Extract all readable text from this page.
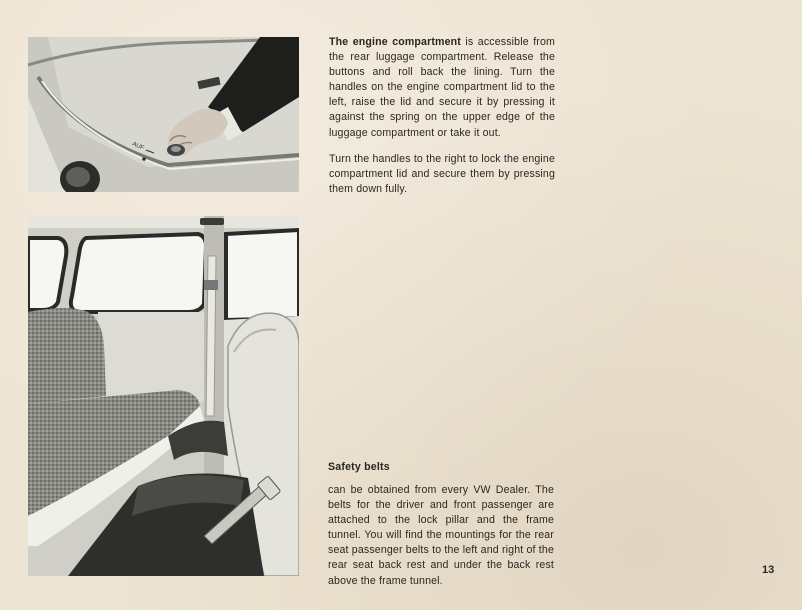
AUF

The engine compartment is accessible from the rear luggage compartment. Release the buttons and roll back the lining. Turn the handles on the engine compartment lid to the left, raise the lid and secure it by pressing it against the spring on the upper edge of the luggage compartment or take it out.

Turn the handles to the right to lock the engine compartment lid and secure them by pressing them down fully.

Safety belts

can be obtained from every VW Dealer. The belts for the driver and front passenger are attached to the lock pillar and the frame tunnel. You will find the mountings for the rear seat passenger belts to the left and right of the rear seat back rest and under the back rest above the frame tunnel.

13
